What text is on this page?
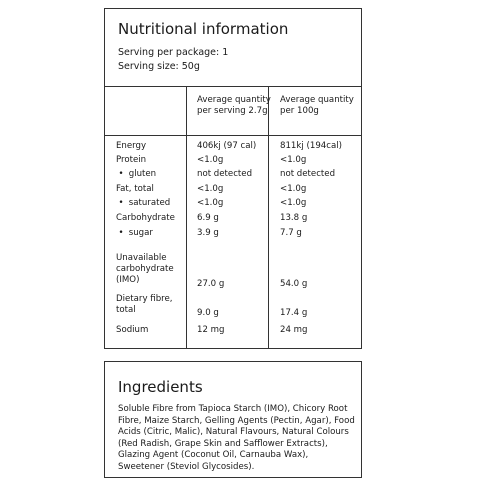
Nutritional information
Serving per package: 1
Serving size: 50g
Average quantity per serving 2.7g
Average quantity per 100g
Energy	406kj (97 cal)	811kj (194cal)
Protein	<1.0g	<1.0g
• gluten	not detected	not detected
Fat, total	<1.0g	<1.0g
• saturated	<1.0g	<1.0g
Carbohydrate	6.9 g	13.8 g
• sugar	3.9 g	7.7 g
Unavailable carbohydrate (IMO)	27.0 g	54.0 g
Dietary fibre, total	9.0 g	17.4 g
Sodium	12 mg	24 mg
Ingredients
Soluble Fibre from Tapioca Starch (IMO), Chicory Root Fibre, Maize Starch, Gelling Agents (Pectin, Agar), Food Acids (Citric, Malic), Natural Flavours, Natural Colours (Red Radish, Grape Skin and Safflower Extracts), Glazing Agent (Coconut Oil, Carnauba Wax), Sweetener (Steviol Glycosides).
